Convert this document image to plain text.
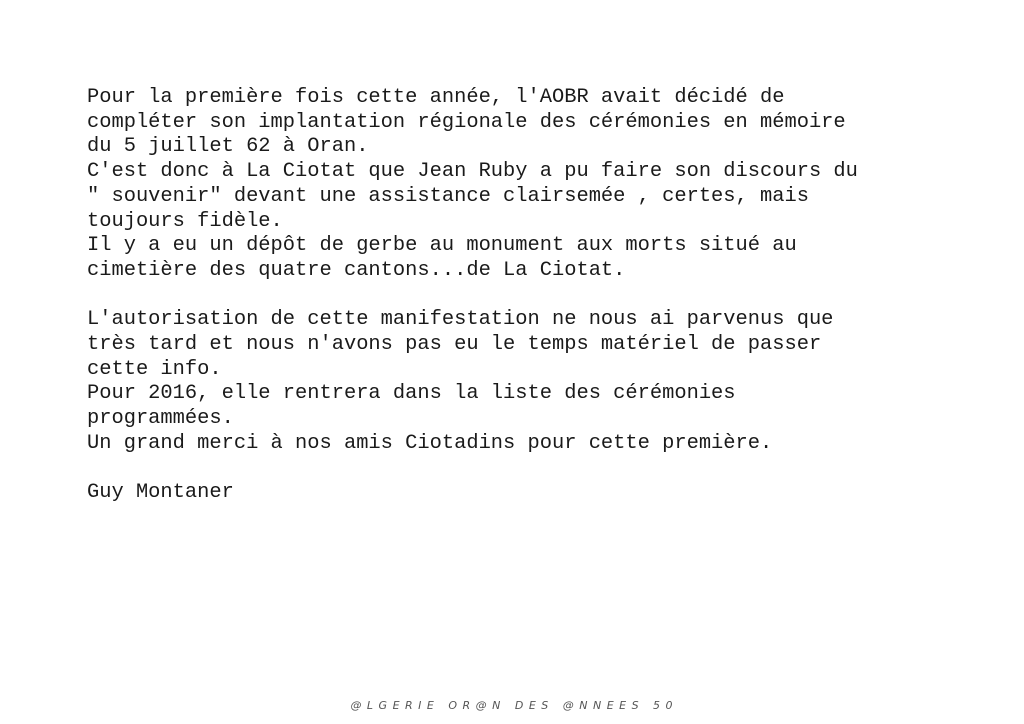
Pour la première fois cette année, l'AOBR avait décidé de
compléter son implantation régionale des cérémonies en mémoire
du 5 juillet 62 à Oran.
C'est donc à La Ciotat que Jean Ruby a pu faire son discours du
" souvenir" devant une assistance clairsemée , certes, mais
toujours fidèle.
Il y a eu un dépôt de gerbe au monument aux morts situé au
cimetière des quatre cantons...de La Ciotat.

L'autorisation de cette manifestation ne nous ai parvenus que
très tard et nous n'avons pas eu le temps matériel de passer
cette info.
Pour 2016, elle rentrera dans la liste des cérémonies
programmées.
Un grand merci à nos amis Ciotadins pour cette première.

Guy Montaner

@ L G E R I E   O R @ N   D E S   @ N N E E S   5 0
